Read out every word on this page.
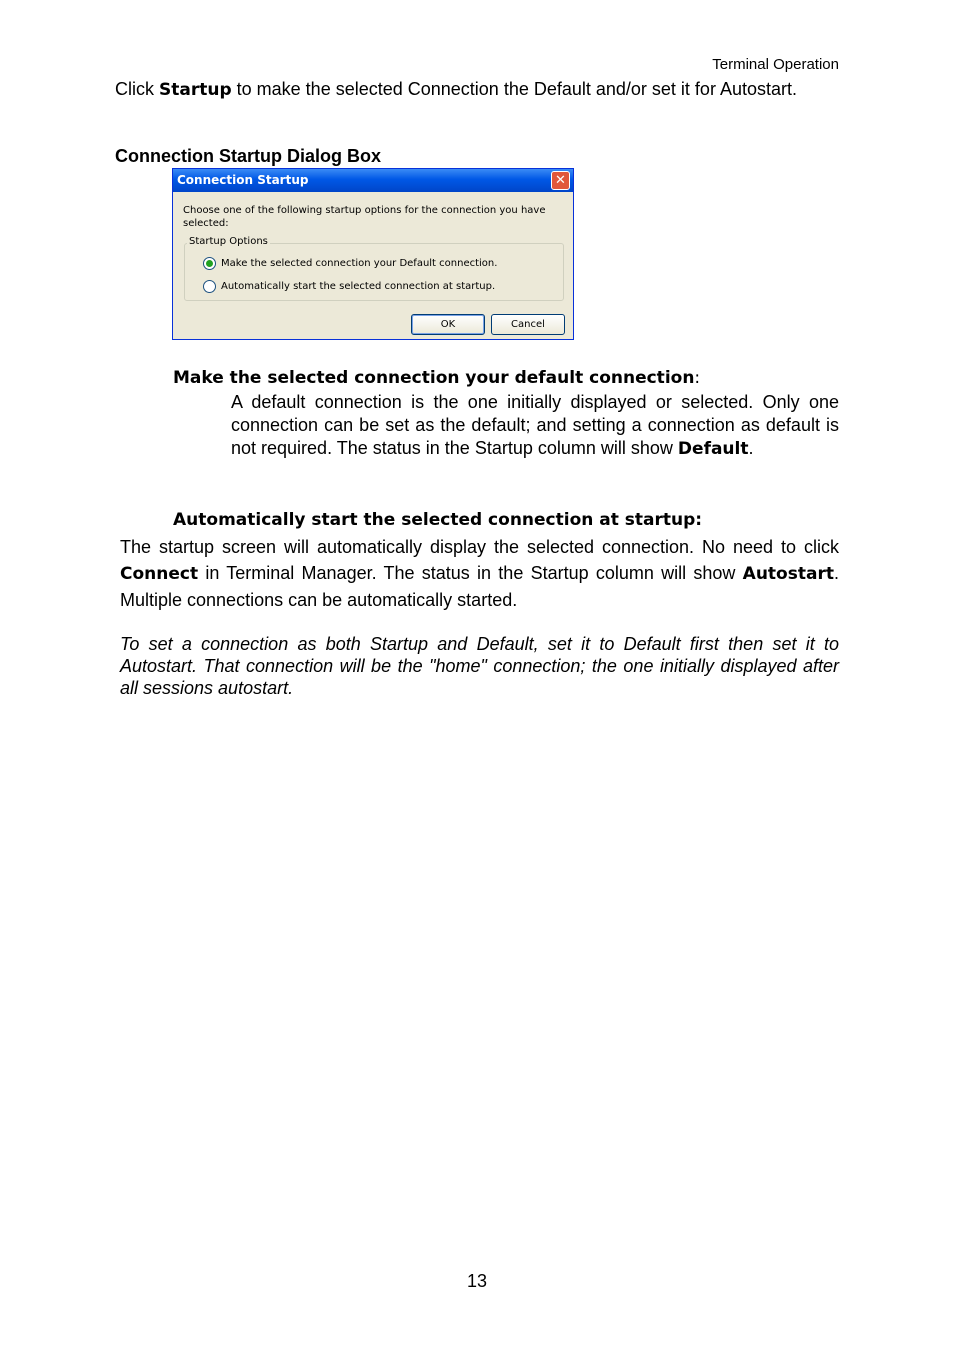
Terminal Operation
Click Startup to make the selected Connection the Default and/or set it for Autostart.
Connection Startup Dialog Box
Connection Startup	✕
Choose one of the following startup options for the connection you have selected:
Startup Options
Make the selected connection your Default connection.
Automatically start the selected connection at startup.
OK	Cancel
Make the selected connection your default connection:
A default connection is the one initially displayed or selected. Only one connection can be set as the default; and setting a connection as default is not required. The status in the Startup column will show Default.
Automatically start the selected connection at startup:
The startup screen will automatically display the selected connection. No need to click Connect in Terminal Manager. The status in the Startup column will show Autostart. Multiple connections can be automatically started.
To set a connection as both Startup and Default, set it to Default first then set it to Autostart. That connection will be the "home" connection; the one initially displayed after all sessions autostart.
13
